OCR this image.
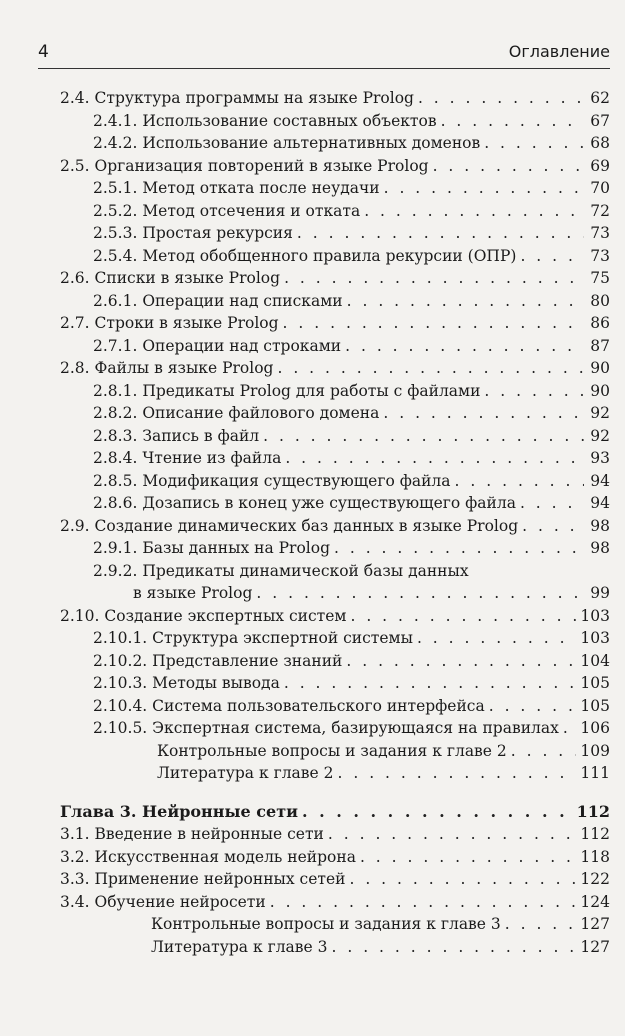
4	Оглавление
2.4. Структура программы на языке Prolog . . .	62
2.4.1. Использование составных объектов . . .	67
2.4.2. Использование альтернативных доменов . . .	68
2.5. Организация повторений в языке Prolog . . .	69
2.5.1. Метод отката после неудачи . . .	70
2.5.2. Метод отсечения и отката . . .	72
2.5.3. Простая рекурсия . . .	73
2.5.4. Метод обобщенного правила рекурсии (ОПР) . . .	73
2.6. Списки в языке Prolog . . .	75
2.6.1. Операции над списками . . .	80
2.7. Строки в языке Prolog . . .	86
2.7.1. Операции над строками . . .	87
2.8. Файлы в языке Prolog . . .	90
2.8.1. Предикаты Prolog для работы с файлами . . .	90
2.8.2. Описание файлового домена . . .	92
2.8.3. Запись в файл . . .	92
2.8.4. Чтение из файла . . .	93
2.8.5. Модификация существующего файла . . .	94
2.8.6. Дозапись в конец уже существующего файла . . .	94
2.9. Создание динамических баз данных в языке Prolog . . .	98
2.9.1. Базы данных на Prolog . . .	98
2.9.2. Предикаты динамической базы данных
в языке Prolog . . .	99
2.10. Создание экспертных систем . . .	103
2.10.1. Структура экспертной системы . . .	103
2.10.2. Представление знаний . . .	104
2.10.3. Методы вывода . . .	105
2.10.4. Система пользовательского интерфейса . . .	105
2.10.5. Экспертная система, базирующаяся на правилах . . . 106
Контрольные вопросы и задания к главе 2 . . .	109
Литература к главе 2 . . .	111
Глава 3. Нейронные сети . . .	112
3.1. Введение в нейронные сети . . .	112
3.2. Искусственная модель нейрона . . .	118
3.3. Применение нейронных сетей . . .	122
3.4. Обучение нейросети . . .	124
Контрольные вопросы и задания к главе 3 . . .	127
Литература к главе 3 . . .	127
